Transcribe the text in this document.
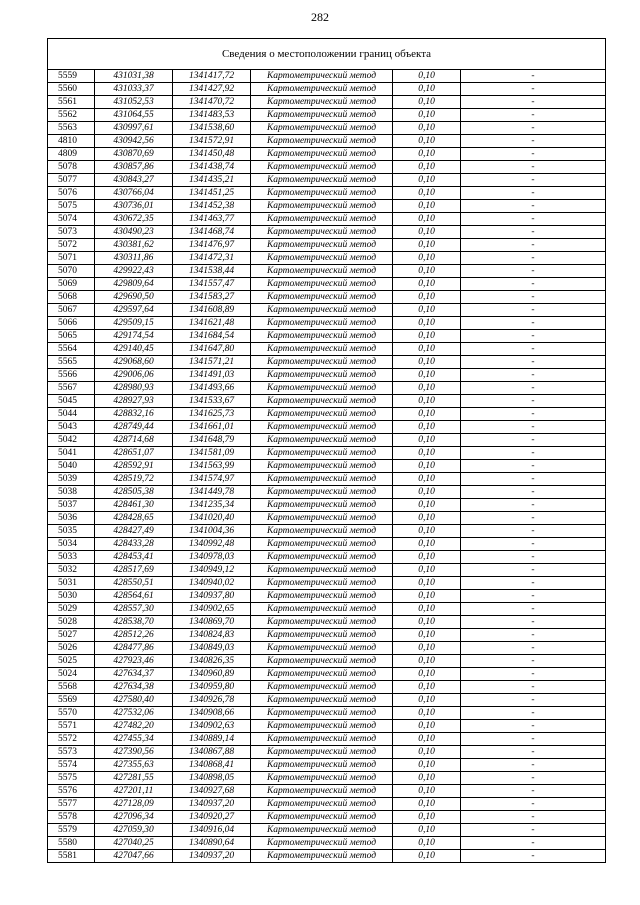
282
Сведения о местоположении границ объекта					
5559	431031,38	1341417,72	Картометрический метод	0,10	-
5560	431033,37	1341427,92	Картометрический метод	0,10	-
5561	431052,53	1341470,72	Картометрический метод	0,10	-
5562	431064,55	1341483,53	Картометрический метод	0,10	-
5563	430997,61	1341538,60	Картометрический метод	0,10	-
4810	430942,56	1341572,91	Картометрический метод	0,10	-
4809	430870,69	1341450,48	Картометрический метод	0,10	-
5078	430857,86	1341438,74	Картометрический метод	0,10	-
5077	430843,27	1341435,21	Картометрический метод	0,10	-
5076	430766,04	1341451,25	Картометрический метод	0,10	-
5075	430736,01	1341452,38	Картометрический метод	0,10	-
5074	430672,35	1341463,77	Картометрический метод	0,10	-
5073	430490,23	1341468,74	Картометрический метод	0,10	-
5072	430381,62	1341476,97	Картометрический метод	0,10	-
5071	430311,86	1341472,31	Картометрический метод	0,10	-
5070	429922,43	1341538,44	Картометрический метод	0,10	-
5069	429809,64	1341557,47	Картометрический метод	0,10	-
5068	429690,50	1341583,27	Картометрический метод	0,10	-
5067	429597,64	1341608,89	Картометрический метод	0,10	-
5066	429509,15	1341621,48	Картометрический метод	0,10	-
5065	429174,54	1341684,54	Картометрический метод	0,10	-
5564	429140,45	1341647,80	Картометрический метод	0,10	-
5565	429068,60	1341571,21	Картометрический метод	0,10	-
5566	429006,06	1341491,03	Картометрический метод	0,10	-
5567	428980,93	1341493,66	Картометрический метод	0,10	-
5045	428927,93	1341533,67	Картометрический метод	0,10	-
5044	428832,16	1341625,73	Картометрический метод	0,10	-
5043	428749,44	1341661,01	Картометрический метод	0,10	-
5042	428714,68	1341648,79	Картометрический метод	0,10	-
5041	428651,07	1341581,09	Картометрический метод	0,10	-
5040	428592,91	1341563,99	Картометрический метод	0,10	-
5039	428519,72	1341574,97	Картометрический метод	0,10	-
5038	428505,38	1341449,78	Картометрический метод	0,10	-
5037	428461,30	1341235,34	Картометрический метод	0,10	-
5036	428428,65	1341020,40	Картометрический метод	0,10	-
5035	428427,49	1341004,36	Картометрический метод	0,10	-
5034	428433,28	1340992,48	Картометрический метод	0,10	-
5033	428453,41	1340978,03	Картометрический метод	0,10	-
5032	428517,69	1340949,12	Картометрический метод	0,10	-
5031	428550,51	1340940,02	Картометрический метод	0,10	-
5030	428564,61	1340937,80	Картометрический метод	0,10	-
5029	428557,30	1340902,65	Картометрический метод	0,10	-
5028	428538,70	1340869,70	Картометрический метод	0,10	-
5027	428512,26	1340824,83	Картометрический метод	0,10	-
5026	428477,86	1340849,03	Картометрический метод	0,10	-
5025	427923,46	1340826,35	Картометрический метод	0,10	-
5024	427634,37	1340960,89	Картометрический метод	0,10	-
5568	427634,38	1340959,80	Картометрический метод	0,10	-
5569	427580,40	1340926,78	Картометрический метод	0,10	-
5570	427532,06	1340908,66	Картометрический метод	0,10	-
5571	427482,20	1340902,63	Картометрический метод	0,10	-
5572	427455,34	1340889,14	Картометрический метод	0,10	-
5573	427390,56	1340867,88	Картометрический метод	0,10	-
5574	427355,63	1340868,41	Картометрический метод	0,10	-
5575	427281,55	1340898,05	Картометрический метод	0,10	-
5576	427201,11	1340927,68	Картометрический метод	0,10	-
5577	427128,09	1340937,20	Картометрический метод	0,10	-
5578	427096,34	1340920,27	Картометрический метод	0,10	-
5579	427059,30	1340916,04	Картометрический метод	0,10	-
5580	427040,25	1340890,64	Картометрический метод	0,10	-
5581	427047,66	1340937,20	Картометрический метод	0,10	-
